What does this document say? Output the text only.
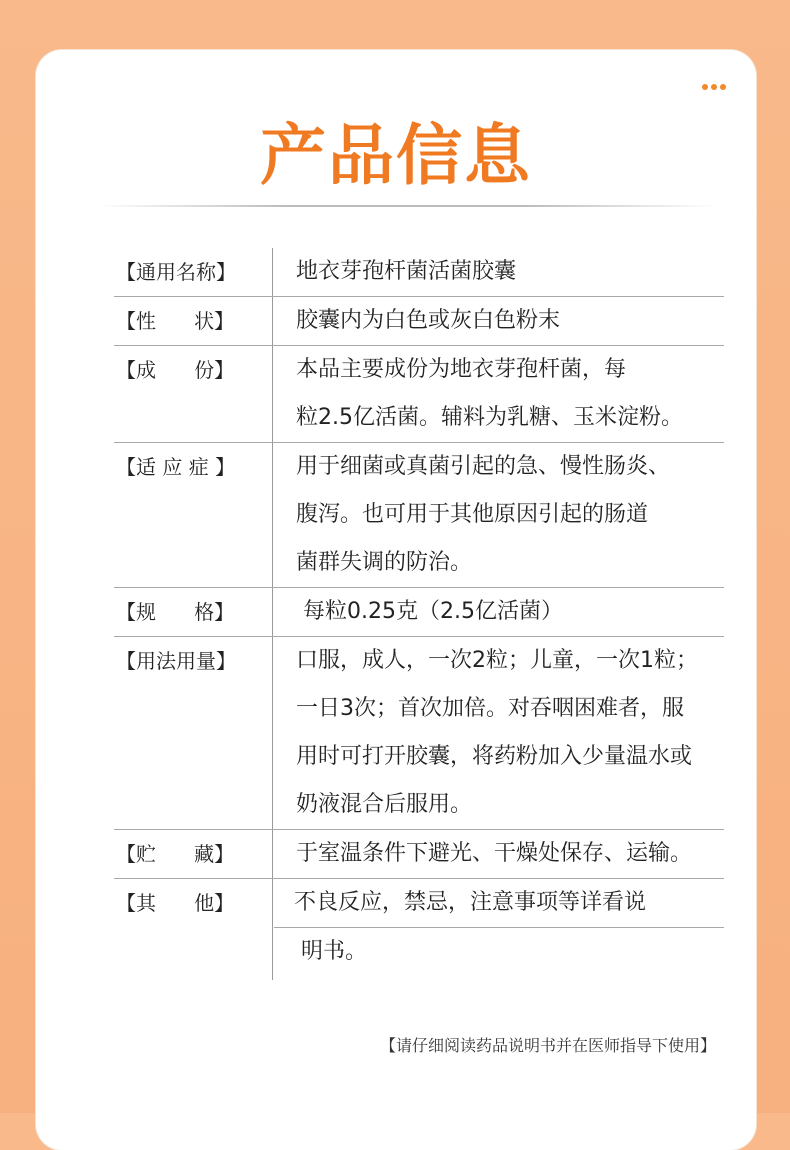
产品信息
【通用名称】	地衣芽孢杆菌活菌胶囊
【性      状】	胶囊内为白色或灰白色粉末
【成      份】	本品主要成份为地衣芽孢杆菌，每
粒2.5亿活菌。辅料为乳糖、玉米淀粉。
【适 应 症 】	用于细菌或真菌引起的急、慢性肠炎、
腹泻。也可用于其他原因引起的肠道
菌群失调的防治。
【规      格】	每粒0.25克（2.5亿活菌）
【用法用量】	口服，成人，一次2粒；儿童，一次1粒；
一日3次；首次加倍。对吞咽困难者，服
用时可打开胶囊，将药粉加入少量温水或
奶液混合后服用。
【贮      藏】	于室温条件下避光、干燥处保存、运输。
【其      他】	不良反应，禁忌，注意事项等详看说
明书。
【请仔细阅读药品说明书并在医师指导下使用】
